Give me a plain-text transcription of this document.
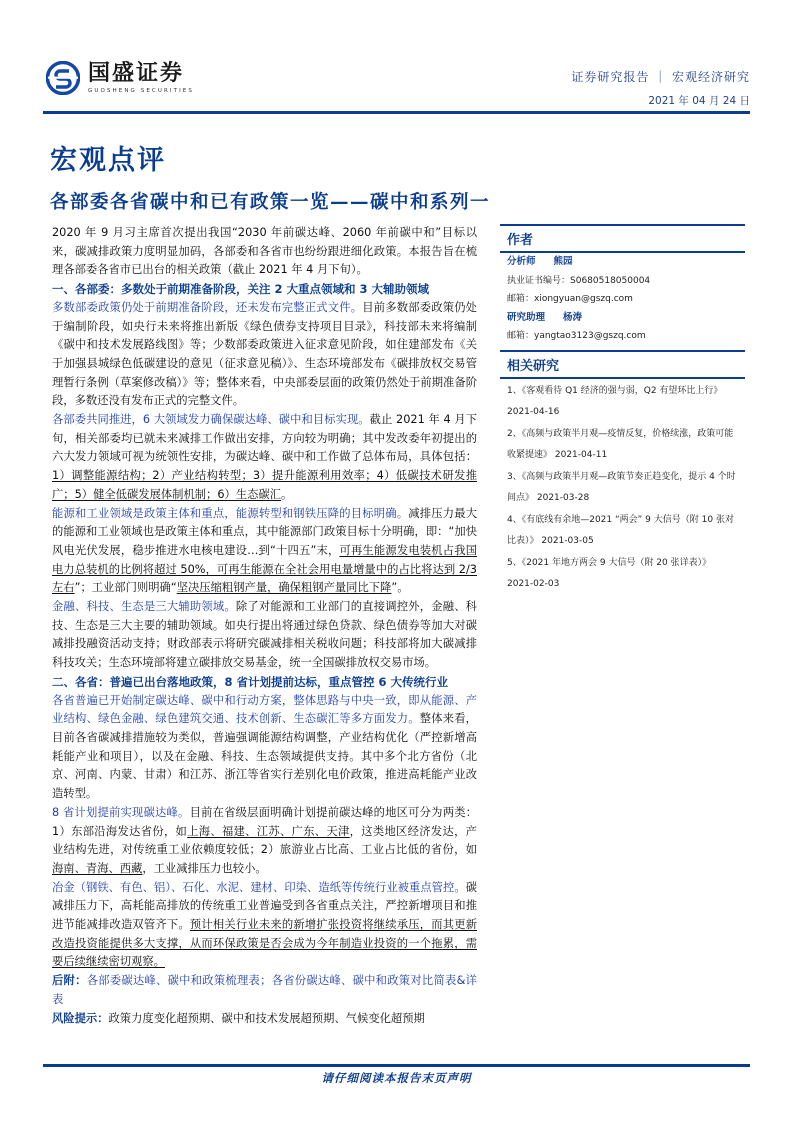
国盛证券
GUOSHENG SECURITIES
证券研究报告 ｜ 宏观经济研究
2021 年 04 月 24 日
宏观点评
各部委各省碳中和已有政策一览——碳中和系列一

2020 年 9 月习主席首次提出我国“2030 年前碳达峰、2060 年前碳中和”目标以来，碳减排政策力度明显加码，各部委和各省市也纷纷跟进细化政策。本报告旨在梳理各部委各省市已出台的相关政策（截止 2021 年 4 月下旬）。

一、各部委：多数处于前期准备阶段，关注 2 大重点领域和 3 大辅助领域

多数部委政策仍处于前期准备阶段，还未发布完整正式文件。目前多数部委政策仍处于编制阶段，如央行未来将推出新版《绿色债券支持项目目录》，科技部未来将编制《碳中和技术发展路线图》等；少数部委政策进入征求意见阶段，如住建部发布《关于加强县城绿色低碳建设的意见（征求意见稿）》、生态环境部发布《碳排放权交易管理暂行条例（草案修改稿）》等；整体来看，中央部委层面的政策仍然处于前期准备阶段，多数还没有发布正式的完整文件。

各部委共同推进，6 大领域发力确保碳达峰、碳中和目标实现。截止 2021 年 4 月下旬，相关部委均已就未来减排工作做出安排，方向较为明确；其中发改委年初提出的六大发力领域可视为统领性安排，为碳达峰、碳中和工作做了总体布局，具体包括：1）调整能源结构；2）产业结构转型；3）提升能源利用效率；4）低碳技术研发推广；5）健全低碳发展体制机制；6）生态碳汇。

能源和工业领域是政策主体和重点，能源转型和钢铁压降的目标明确。减排压力最大的能源和工业领域也是政策主体和重点，其中能源部门政策目标十分明确，即：“加快风电光伏发展，稳步推进水电核电建设…到“十四五”末，可再生能源发电装机占我国电力总装机的比例将超过 50%，可再生能源在全社会用电量增量中的占比将达到 2/3 左右”；工业部门则明确“坚决压缩粗钢产量，确保粗钢产量同比下降”。

金融、科技、生态是三大辅助领域。除了对能源和工业部门的直接调控外，金融、科技、生态是三大主要的辅助领域。如央行提出将通过绿色贷款、绿色债券等加大对碳减排投融资活动支持；财政部表示将研究碳减排相关税收问题；科技部将加大碳减排科技攻关；生态环境部将建立碳排放交易基金，统一全国碳排放权交易市场。

二、各省：普遍已出台落地政策，8 省计划提前达标，重点管控 6 大传统行业

各省普遍已开始制定碳达峰、碳中和行动方案，整体思路与中央一致，即从能源、产业结构、绿色金融、绿色建筑交通、技术创新、生态碳汇等多方面发力。整体来看，目前各省碳减排措施较为类似，普遍强调能源结构调整，产业结构优化（严控新增高耗能产业和项目），以及在金融、科技、生态领域提供支持。其中多个北方省份（北京、河南、内蒙、甘肃）和江苏、浙江等省实行差别化电价政策，推进高耗能产业改造转型。

8 省计划提前实现碳达峰。目前在省级层面明确计划提前碳达峰的地区可分为两类：1）东部沿海发达省份，如上海、福建、江苏、广东、天津，这类地区经济发达，产业结构先进，对传统重工业依赖度较低；2）旅游业占比高、工业占比低的省份，如海南、青海、西藏，工业减排压力也较小。

冶金（钢铁、有色、铝）、石化、水泥、建材、印染、造纸等传统行业被重点管控。碳减排压力下，高耗能高排放的传统重工业普遍受到各省重点关注，严控新增项目和推进节能减排改造双管齐下。预计相关行业未来的新增扩张投资将继续承压，而其更新改造投资能提供多大支撑，从而环保政策是否会成为今年制造业投资的一个拖累，需要后续继续密切观察。

后附：各部委碳达峰、碳中和政策梳理表；各省份碳达峰、碳中和政策对比简表&详表

风险提示：政策力度变化超预期、碳中和技术发展超预期、气候变化超预期

作者
分析师 熊园
执业证书编号：S0680518050004
邮箱：xiongyuan@gszq.com
研究助理 杨涛
邮箱：yangtao3123@gszq.com
相关研究
1、《客观看待 Q1 经济的强与弱，Q2 有望环比上行》 2021-04-16
2、《高频与政策半月观—疫情反复，价格续涨，政策可能收紧提速》 2021-04-11
3、《高频与政策半月观—政策节奏正趋变化，提示 4 个时间点》 2021-03-28
4、《有底线有余地—2021 “两会” 9 大信号（附 10 张对比表）》 2021-03-05
5、《2021 年地方两会 9 大信号（附 20 张详表）》 2021-02-03
请仔细阅读本报告末页声明
